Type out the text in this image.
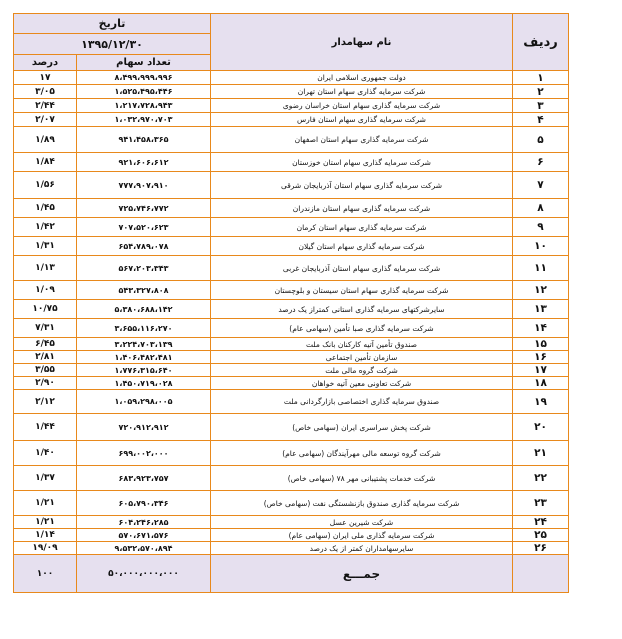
ردیف	نام سهامدار	تاریخ	
		۱۳۹۵/۱۲/۳۰	
		تعداد سهام	درصد
۱	دولت جمهوری اسلامی ایران	۸،۴۹۹،۹۹۹،۹۹۶	۱۷
۲	شرکت سرمایه گذاری سهام استان تهران	۱،۵۲۵،۴۹۵،۴۴۶	۳/۰۵
۳	شرکت سرمایه گذاری سهام استان خراسان رضوی	۱،۲۱۷،۷۲۸،۹۴۳	۲/۴۴
۴	شرکت سرمایه گذاری سهام استان فارس	۱،۰۳۲،۹۷۰،۷۰۳	۲/۰۷
۵	شرکت سرمایه گذاری سهام استان اصفهان	۹۴۱،۴۵۸،۳۶۵	۱/۸۹
۶	شرکت سرمایه گذاری سهام استان خوزستان	۹۲۱،۶۰۶،۶۱۲	۱/۸۴
۷	شرکت سرمایه گذاری سهام استان آذربایجان شرقی	۷۷۷،۹۰۷،۹۱۰	۱/۵۶
۸	شرکت سرمایه گذاری سهام استان مازندران	۷۲۵،۷۴۶،۷۷۲	۱/۴۵
۹	شرکت سرمایه گذاری سهام استان کرمان	۷۰۷،۵۲۰،۶۲۳	۱/۴۲
۱۰	شرکت سرمایه گذاری سهام استان گیلان	۶۵۴،۷۸۹،۰۷۸	۱/۳۱
۱۱	شرکت سرمایه گذاری سهام استان آذربایجان غربی	۵۶۷،۲۰۳،۳۴۳	۱/۱۳
۱۲	شرکت سرمایه گذاری سهام استان سیستان و بلوچستان	۵۴۳،۳۲۷،۸۰۸	۱/۰۹
۱۳	سایرشرکتهای سرمایه گذاری استانی کمتراز یک درصد	۵،۳۸۰،۶۸۸،۱۴۲	۱۰/۷۵
۱۴	شرکت سرمایه گذاری صبا تأمین (سهامی عام)	۳،۶۵۵،۱۱۶،۲۷۰	۷/۳۱
۱۵	صندوق تأمین آتیه کارکنان بانک ملت	۳،۲۲۴،۷۰۳،۱۳۹	۶/۴۵
۱۶	سازمان تأمین اجتماعی	۱،۴۰۶،۴۸۲،۴۸۱	۲/۸۱
۱۷	شرکت گروه مالی ملت	۱،۷۷۶،۳۱۵،۶۴۰	۳/۵۵
۱۸	شرکت تعاونی معین آتیه خواهان	۱،۴۵۰،۷۱۹،۰۲۸	۲/۹۰
۱۹	صندوق سرمایه گذاری اختصاصی بازارگردانی ملت	۱،۰۵۹،۲۹۸،۰۰۵	۲/۱۲
۲۰	شرکت پخش سراسری ایران (سهامی خاص)	۷۲۰،۹۱۲،۹۱۲	۱/۴۴
۲۱	شرکت گروه توسعه مالی مهرآیندگان (سهامی عام)	۶۹۹،۰۰۲،۰۰۰	۱/۴۰
۲۲	شرکت خدمات پشتیبانی مهر ۷۸ (سهامی خاص)	۶۸۳،۹۲۳،۷۵۷	۱/۳۷
۲۳	شرکت سرمایه گذاری صندوق بازنشستگی نفت (سهامی خاص)	۶۰۵،۷۹۰،۳۴۶	۱/۲۱
۲۴	شرکت شیرین عسل	۶۰۴،۲۴۶،۲۸۵	۱/۲۱
۲۵	شرکت سرمایه گذاری ملی ایران (سهامی عام)	۵۷۰،۶۷۱،۵۷۶	۱/۱۴
۲۶	سایرسهامداران کمتر از یک درصد	۹،۵۳۲،۵۷۰،۸۹۴	۱۹/۰۹
	جمـــع	۵۰،۰۰۰،۰۰۰،۰۰۰	۱۰۰
